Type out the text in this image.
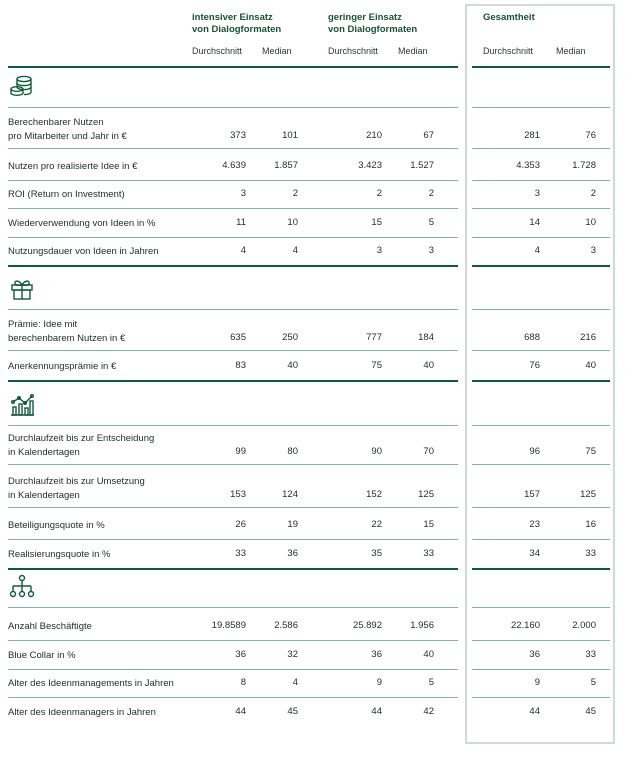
intensiver Einsatz
von Dialogformaten
geringer Einsatz
von Dialogformaten
Gesamtheit
Durchschnitt Median	Durchschnitt Median	Durchschnitt	Median
Berechenbarer Nutzen
pro Mitarbeiter und Jahr in €	373	101	210	67	281	76
Nutzen pro realisierte Idee in €	4.639	1.857	3.423	1.527	4.353	1.728
ROI (Return on Investment)	3	2	2	2	3	2
Wiederverwendung von Ideen in %	11	10	15	5	14	10
Nutzungsdauer von Ideen in Jahren	4	4	3	3	4	3
Prämie: Idee mit
berechenbarem Nutzen in €	635	250	777	184	688	216
Anerkennungsprämie in €	83	40	75	40	76	40
Durchlaufzeit bis zur Entscheidung
in Kalendertagen	99	80	90	70	96	75
Durchlaufzeit bis zur Umsetzung
in Kalendertagen	153	124	152	125	157	125
Beteiligungsquote in %	26	19	22	15	23	16
Realisierungsquote in %	33	36	35	33	34	33
Anzahl Beschäftigte	19.8589	2.586	25.892	1.956	22.160	2.000
Blue Collar in %	36	32	36	40	36	33
Alter des Ideenmanagements in Jahren	8	4	9	5	9	5
Alter des Ideenmanagers in Jahren	44	45	44	42	44	45
